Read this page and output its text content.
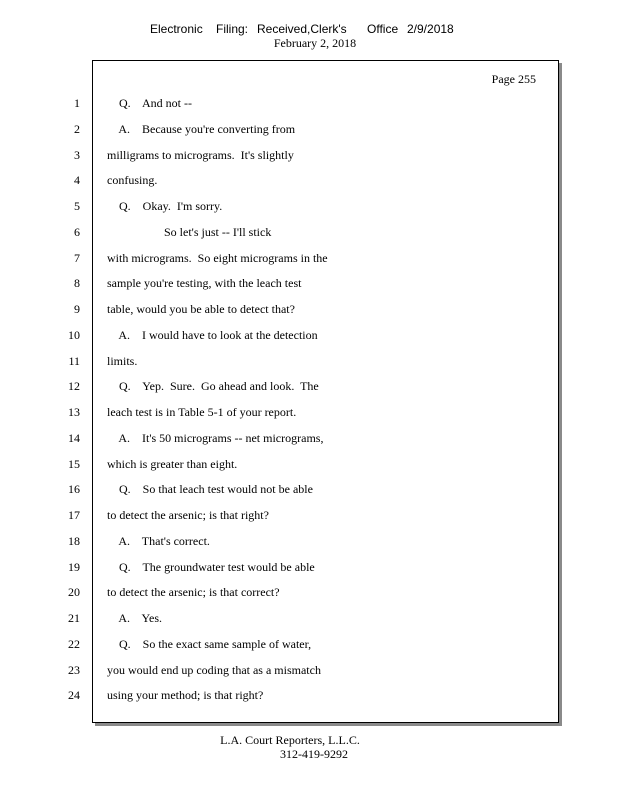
Electronic Filing: Received,Clerk's Office 2/9/2018
February 2, 2018
Page 255
1 Q.    And not --
2 A.    Because you're converting from
3 milligrams to micrograms.  It's slightly
4 confusing.
5 Q.    Okay.  I'm sorry.
6 So let's just -- I'll stick
7 with micrograms.  So eight micrograms in the
8 sample you're testing, with the leach test
9 table, would you be able to detect that?
10 A.    I would have to look at the detection
11 limits.
12 Q.    Yep.  Sure.  Go ahead and look.  The
13 leach test is in Table 5-1 of your report.
14 A.    It's 50 micrograms -- net micrograms,
15 which is greater than eight.
16 Q.    So that leach test would not be able
17 to detect the arsenic; is that right?
18 A.    That's correct.
19 Q.    The groundwater test would be able
20 to detect the arsenic; is that correct?
21 A.    Yes.
22 Q.    So the exact same sample of water,
23 you would end up coding that as a mismatch
24 using your method; is that right?
L.A. Court Reporters, L.L.C.
312-419-9292
